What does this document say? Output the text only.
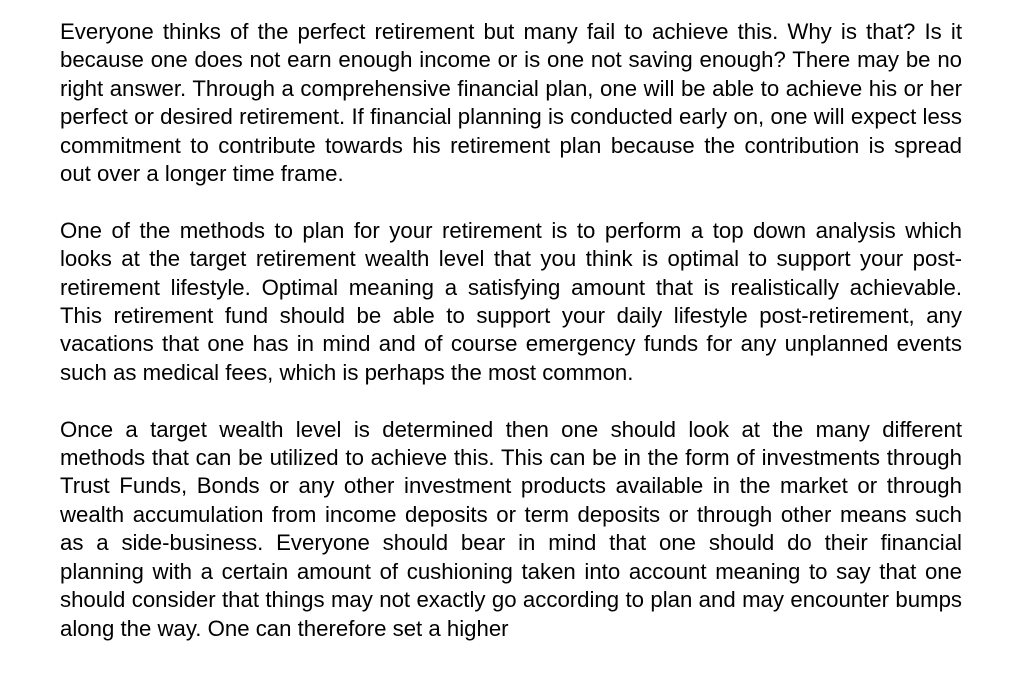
Everyone thinks of the perfect retirement but many fail to achieve this. Why is that? Is it because one does not earn enough income or is one not saving enough? There may be no right answer. Through a comprehensive financial plan, one will be able to achieve his or her perfect or desired retirement. If financial planning is conducted early on, one will expect less commitment to contribute towards his retirement plan because the contribution is spread out over a longer time frame.

One of the methods to plan for your retirement is to perform a top down analysis which looks at the target retirement wealth level that you think is optimal to support your post-retirement lifestyle. Optimal meaning a satisfying amount that is realistically achievable. This retirement fund should be able to support your daily lifestyle post-retirement, any vacations that one has in mind and of course emergency funds for any unplanned events such as medical fees, which is perhaps the most common.

Once a target wealth level is determined then one should look at the many different methods that can be utilized to achieve this. This can be in the form of investments through Trust Funds, Bonds or any other investment products available in the market or through wealth accumulation from income deposits or term deposits or through other means such as a side-business. Everyone should bear in mind that one should do their financial planning with a certain amount of cushioning taken into account meaning to say that one should consider that things may not exactly go according to plan and may encounter bumps along the way. One can therefore set a higher
